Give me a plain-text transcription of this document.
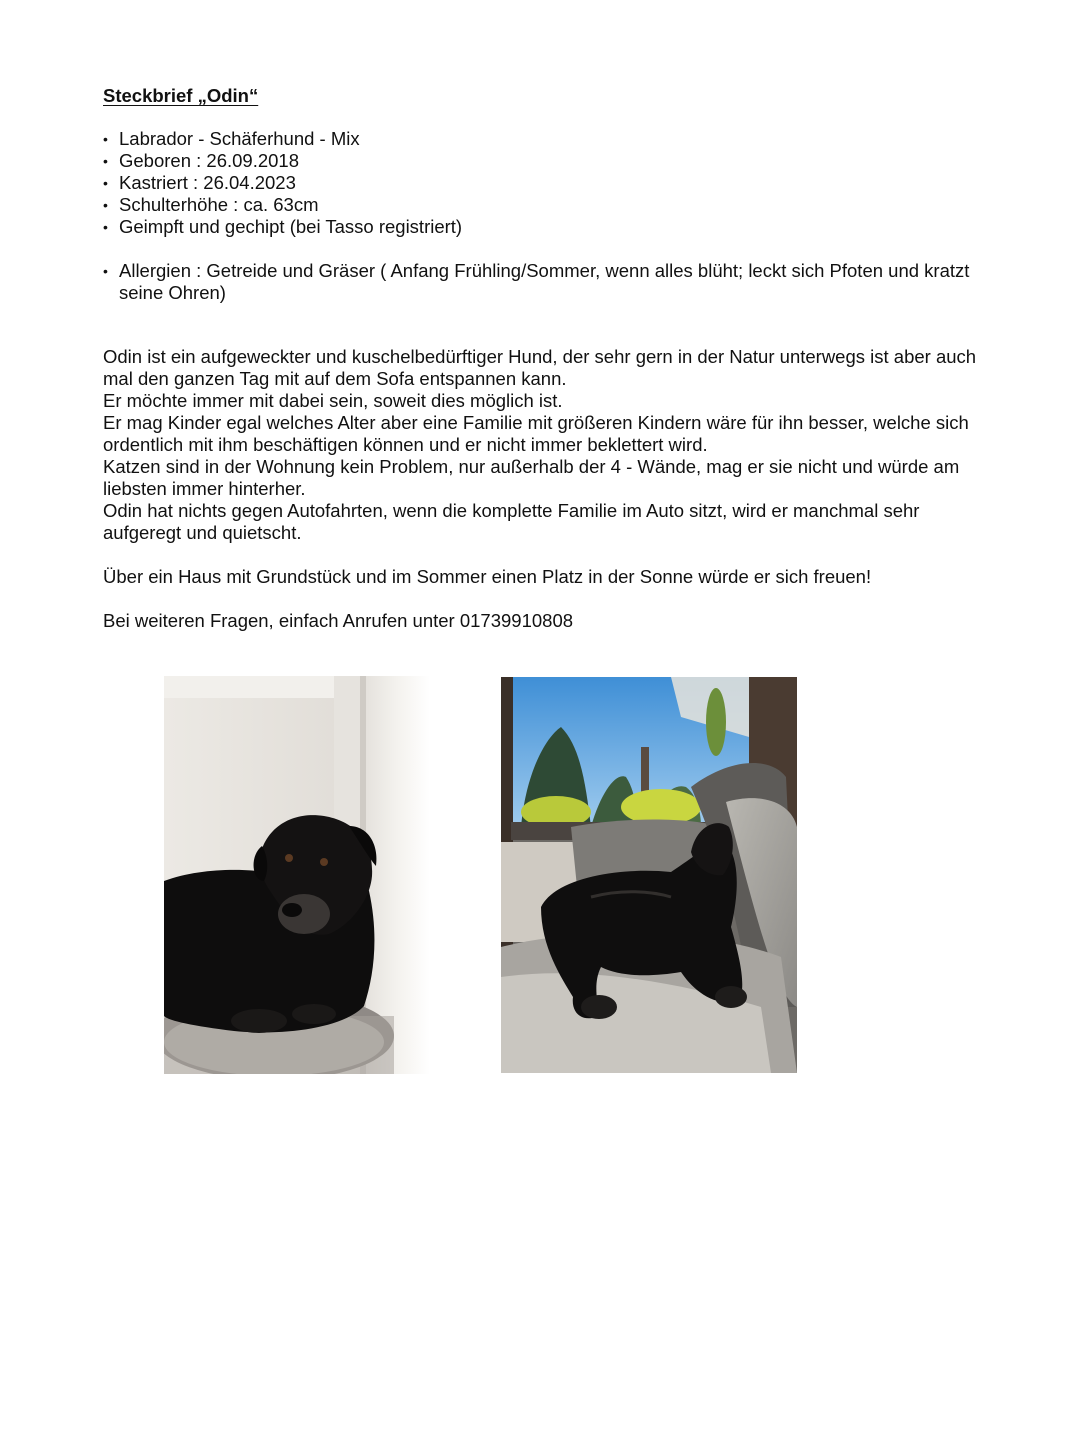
Steckbrief „Odin“
• Labrador - Schäferhund - Mix
• Geboren : 26.09.2018
• Kastriert : 26.04.2023
• Schulterhöhe : ca. 63cm
• Geimpft und gechipt (bei Tasso registriert)
• Allergien : Getreide und Gräser ( Anfang Frühling/Sommer, wenn alles blüht; leckt sich Pfoten und kratzt seine Ohren)

Odin ist ein aufgeweckter und kuschelbedürftiger Hund, der sehr gern in der Natur unterwegs ist aber auch mal den ganzen Tag mit auf dem Sofa entspannen kann.

Er möchte immer mit dabei sein, soweit dies möglich ist.

Er mag Kinder egal welches Alter aber eine Familie mit größeren Kindern wäre für ihn besser, welche sich ordentlich mit ihm beschäftigen können und er nicht immer beklettert wird.

Katzen sind in der Wohnung kein Problem, nur außerhalb der 4 - Wände, mag er sie nicht und würde am liebsten immer hinterher.

Odin hat nichts gegen Autofahrten, wenn die komplette Familie im Auto sitzt, wird er manchmal sehr aufgeregt und quietscht.

Über ein Haus mit Grundstück und im Sommer einen Platz in der Sonne würde er sich freuen!

Bei weiteren Fragen, einfach Anrufen unter 01739910808
